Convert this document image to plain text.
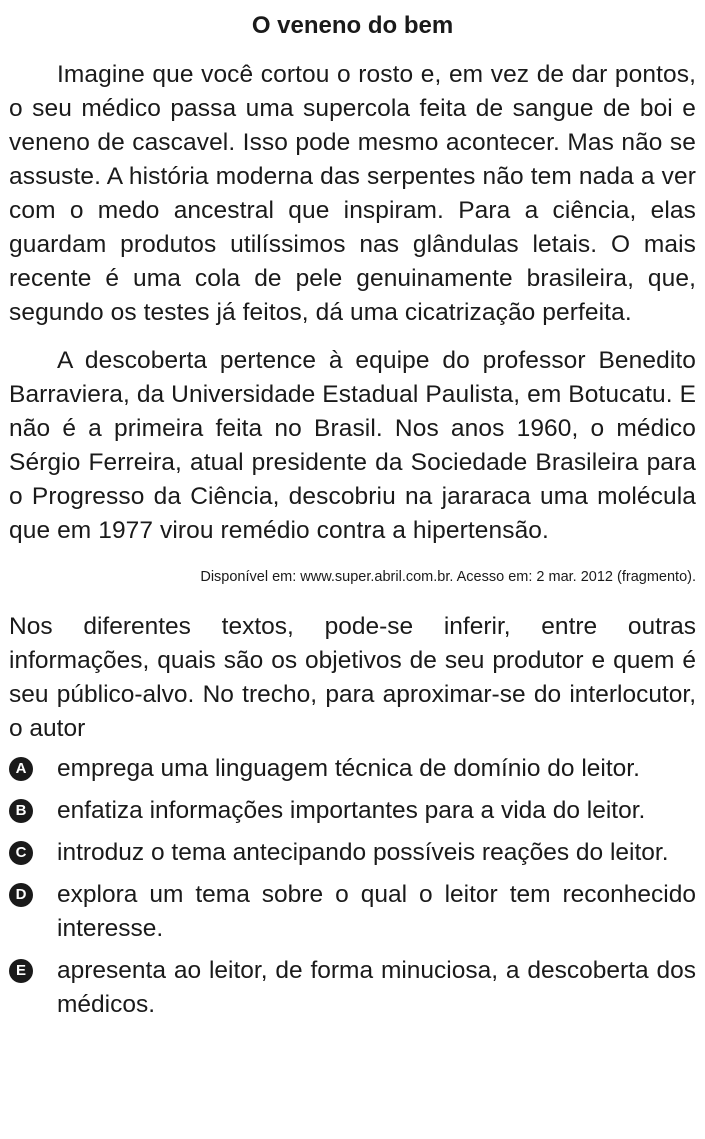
O veneno do bem

Imagine que você cortou o rosto e, em vez de dar pontos, o seu médico passa uma supercola feita de sangue de boi e veneno de cascavel. Isso pode mesmo acontecer. Mas não se assuste. A história moderna das serpentes não tem nada a ver com o medo ancestral que inspiram. Para a ciência, elas guardam produtos utilíssimos nas glândulas letais. O mais recente é uma cola de pele genuinamente brasileira, que, segundo os testes já feitos, dá uma cicatrização perfeita.

A descoberta pertence à equipe do professor Benedito Barraviera, da Universidade Estadual Paulista, em Botucatu. E não é a primeira feita no Brasil. Nos anos 1960, o médico Sérgio Ferreira, atual presidente da Sociedade Brasileira para o Progresso da Ciência, descobriu na jararaca uma molécula que em 1977 virou remédio contra a hipertensão.

Disponível em: www.super.abril.com.br. Acesso em: 2 mar. 2012 (fragmento).

Nos diferentes textos, pode-se inferir, entre outras informações, quais são os objetivos de seu produtor e quem é seu público-alvo. No trecho, para aproximar-se do interlocutor, o autor

A emprega uma linguagem técnica de domínio do leitor.
B enfatiza informações importantes para a vida do leitor.
C introduz o tema antecipando possíveis reações do leitor.
D explora um tema sobre o qual o leitor tem reconhecido interesse.
E apresenta ao leitor, de forma minuciosa, a descoberta dos médicos.
